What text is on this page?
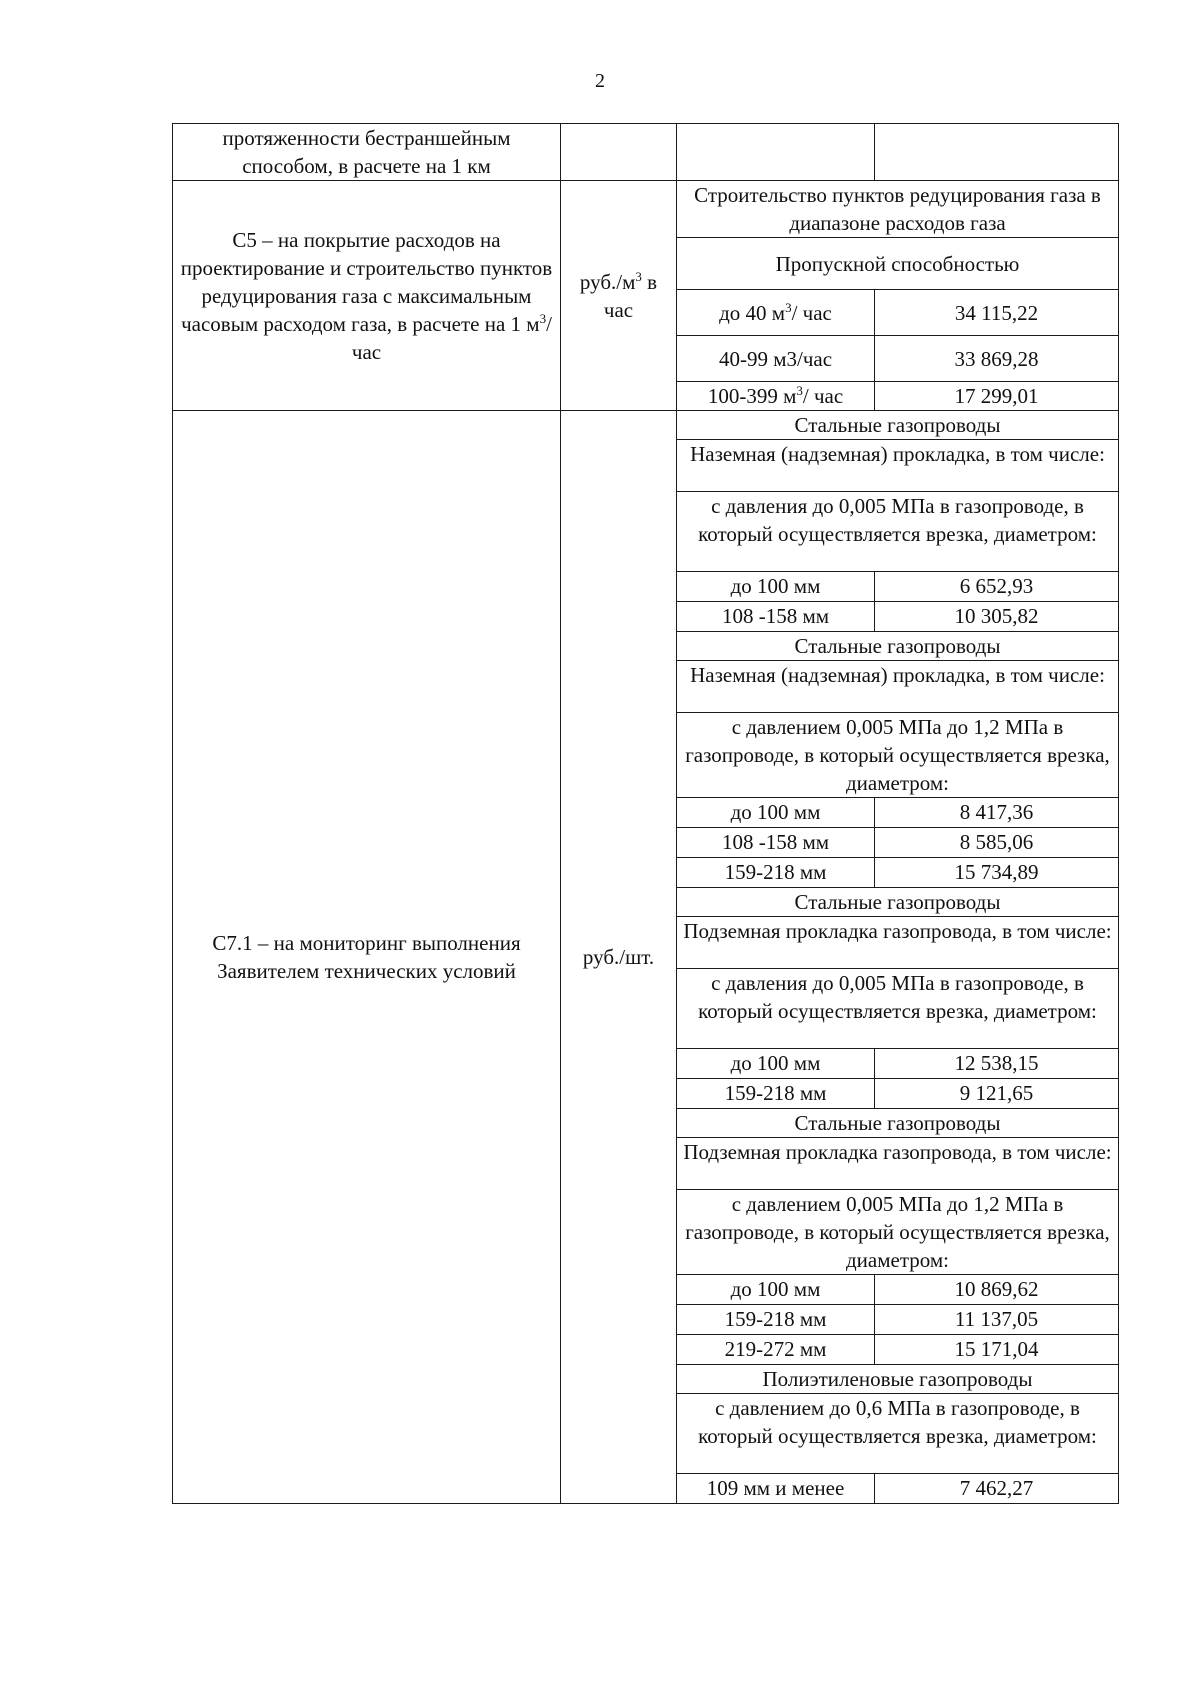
2
протяженности бестраншейным способом, в расчете на 1 км			
С5 – на покрытие расходов на проектирование и строительство пунктов редуцирования газа с максимальным часовым расходом газа, в расчете на 1 $м^3/$ час	$руб./м^3$ в час	Строительство пунктов редуцирования газа в диапазоне расходов газа	
		Пропускной способностью	
		до 40 $м^3/$ час	34 115,22
		40-99 м3/час	33 869,28
		100-399 $м^3/$ час	17 299,01
С7.1 – на мониторинг выполнения Заявителем технических условий	руб./шт.	Стальные газопроводы	
		Наземная (надземная) прокладка, в том числе:	
		с давления до 0,005 МПа в газопроводе, в который осуществляется врезка, диаметром:	
		до 100 мм	6 652,93
		108 -158 мм	10 305,82
		Стальные газопроводы	
		Наземная (надземная) прокладка, в том числе:	
		с давлением 0,005 МПа до 1,2 МПа в газопроводе, в который осуществляется врезка, диаметром:	
		до 100 мм	8 417,36
		108 -158 мм	8 585,06
		159-218 мм	15 734,89
		Стальные газопроводы	
		Подземная прокладка газопровода, в том числе:	
		с давления до 0,005 МПа в газопроводе, в который осуществляется врезка, диаметром:	
		до 100 мм	12 538,15
		159-218 мм	9 121,65
		Стальные газопроводы	
		Подземная прокладка газопровода, в том числе:	
		с давлением 0,005 МПа до 1,2 МПа в газопроводе, в который осуществляется врезка, диаметром:	
		до 100 мм	10 869,62
		159-218 мм	11 137,05
		219-272 мм	15 171,04
		Полиэтиленовые газопроводы	
		с давлением до 0,6 МПа в газопроводе, в который осуществляется врезка, диаметром:	
		109 мм и менее	7 462,27
